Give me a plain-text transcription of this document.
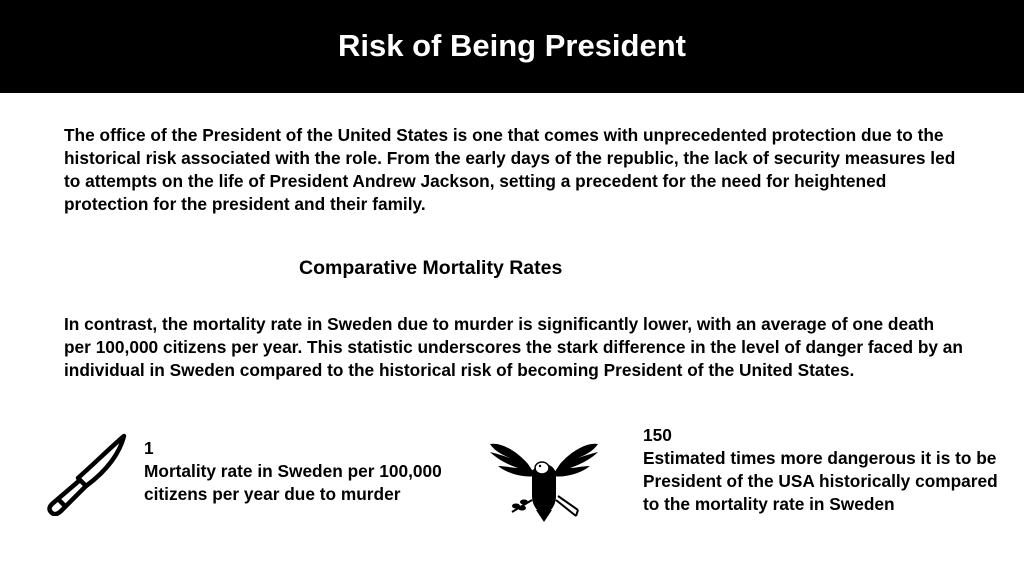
Risk of Being President

The office of the President of the United States is one that comes with unprecedented protection due to the historical risk associated with the role. From the early days of the republic, the lack of security measures led to attempts on the life of President Andrew Jackson, setting a precedent for the need for heightened protection for the president and their family.

Comparative Mortality Rates

In contrast, the mortality rate in Sweden due to murder is significantly lower, with an average of one death per 100,000 citizens per year. This statistic underscores the stark difference in the level of danger faced by an individual in Sweden compared to the historical risk of becoming President of the United States.

1
Mortality rate in Sweden per 100,000 citizens per year due to murder
150
Estimated times more dangerous it is to be President of the USA historically compared to the mortality rate in Sweden
